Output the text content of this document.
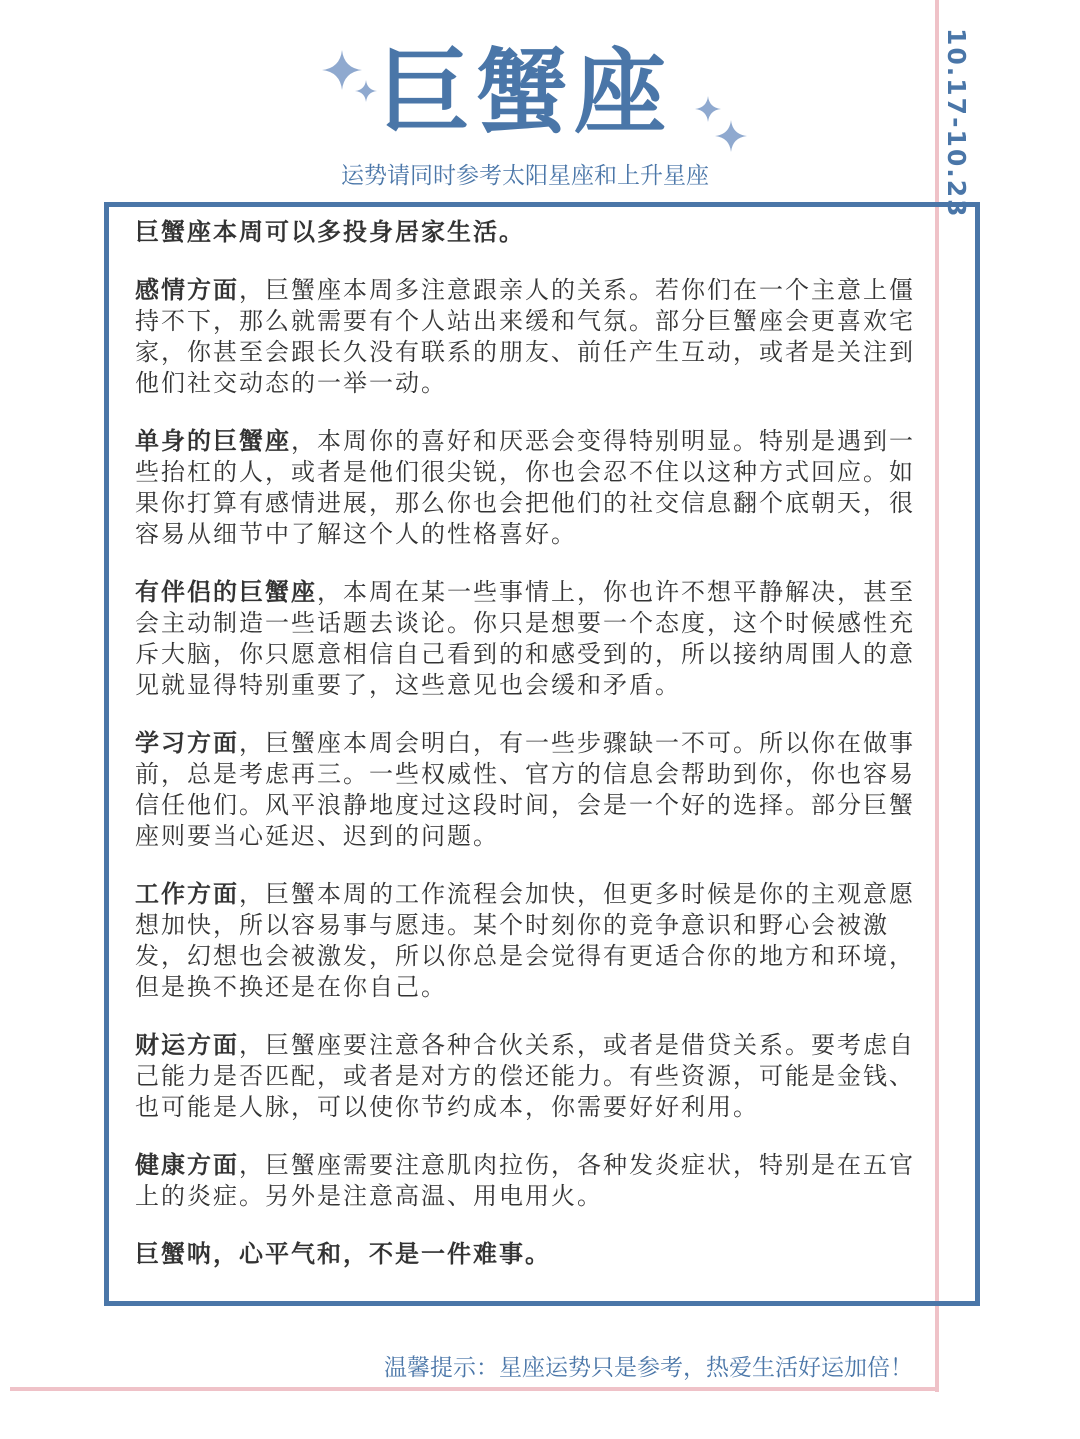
巨蟹座
运势请同时参考太阳星座和上升星座	10.17-10.23

巨蟹座本周可以多投身居家生活。

感情方面，巨蟹座本周多注意跟亲人的关系。若你们在一个主意上僵持不下，那么就需要有个人站出来缓和气氛。部分巨蟹座会更喜欢宅家，你甚至会跟长久没有联系的朋友、前任产生互动，或者是关注到他们社交动态的一举一动。

单身的巨蟹座，本周你的喜好和厌恶会变得特别明显。特别是遇到一些抬杠的人，或者是他们很尖锐，你也会忍不住以这种方式回应。如果你打算有感情进展，那么你也会把他们的社交信息翻个底朝天，很容易从细节中了解这个人的性格喜好。

有伴侣的巨蟹座，本周在某一些事情上，你也许不想平静解决，甚至会主动制造一些话题去谈论。你只是想要一个态度，这个时候感性充斥大脑，你只愿意相信自己看到的和感受到的，所以接纳周围人的意见就显得特别重要了，这些意见也会缓和矛盾。

学习方面，巨蟹座本周会明白，有一些步骤缺一不可。所以你在做事前，总是考虑再三。一些权威性、官方的信息会帮助到你，你也容易信任他们。风平浪静地度过这段时间，会是一个好的选择。部分巨蟹座则要当心延迟、迟到的问题。

工作方面，巨蟹本周的工作流程会加快，但更多时候是你的主观意愿想加快，所以容易事与愿违。某个时刻你的竞争意识和野心会被激发，幻想也会被激发，所以你总是会觉得有更适合你的地方和环境，但是换不换还是在你自己。

财运方面，巨蟹座要注意各种合伙关系，或者是借贷关系。要考虑自己能力是否匹配，或者是对方的偿还能力。有些资源，可能是金钱、也可能是人脉，可以使你节约成本，你需要好好利用。

健康方面，巨蟹座需要注意肌肉拉伤，各种发炎症状，特别是在五官上的炎症。另外是注意高温、用电用火。

巨蟹呐，心平气和，不是一件难事。

温馨提示：星座运势只是参考，热爱生活好运加倍！
